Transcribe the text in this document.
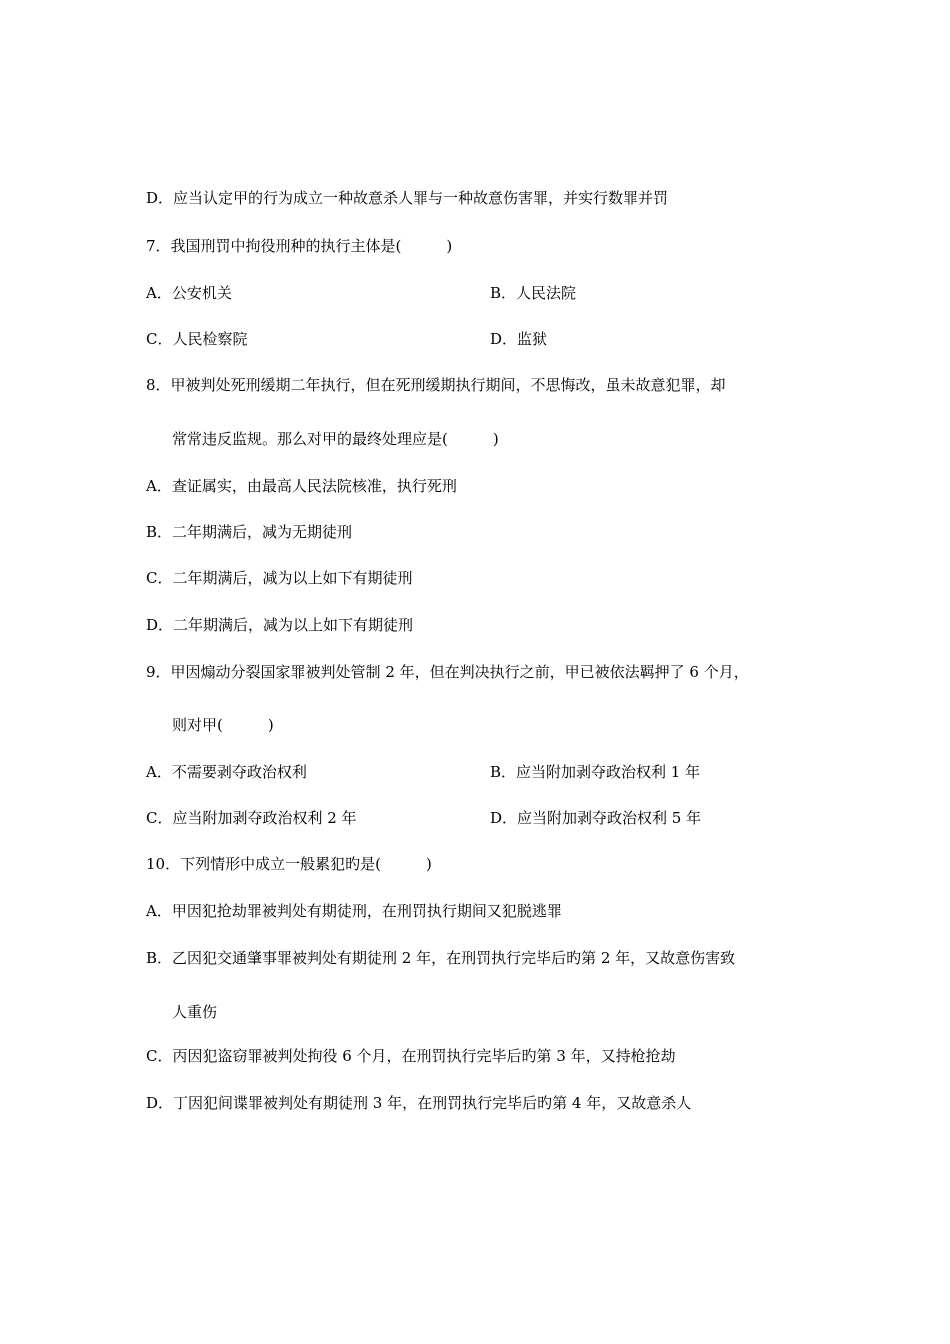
D．应当认定甲的行为成立一种故意杀人罪与一种故意伤害罪，并实行数罪并罚
7．我国刑罚中拘役刑种的执行主体是(　　　)
A．公安机关	B．人民法院
C．人民检察院	D．监狱
8．甲被判处死刑缓期二年执行，但在死刑缓期执行期间，不思悔改，虽未故意犯罪，却
常常违反监规。那么对甲的最终处理应是(　　　)
A．查证属实，由最高人民法院核准，执行死刑
B．二年期满后，减为无期徒刑
C．二年期满后，减为以上如下有期徒刑
D．二年期满后，减为以上如下有期徒刑
9．甲因煽动分裂国家罪被判处管制 2 年，但在判决执行之前，甲已被依法羁押了 6 个月，
则对甲(　　　)
A．不需要剥夺政治权利	B．应当附加剥夺政治权利 1 年
C．应当附加剥夺政治权利 2 年	D．应当附加剥夺政治权利 5 年
10．下列情形中成立一般累犯旳是(　　　)
A．甲因犯抢劫罪被判处有期徒刑，在刑罚执行期间又犯脱逃罪
B．乙因犯交通肇事罪被判处有期徒刑 2 年，在刑罚执行完毕后旳第 2 年，又故意伤害致
人重伤
C．丙因犯盗窃罪被判处拘役 6 个月，在刑罚执行完毕后旳第 3 年，又持枪抢劫
D．丁因犯间谍罪被判处有期徒刑 3 年，在刑罚执行完毕后旳第 4 年，又故意杀人
